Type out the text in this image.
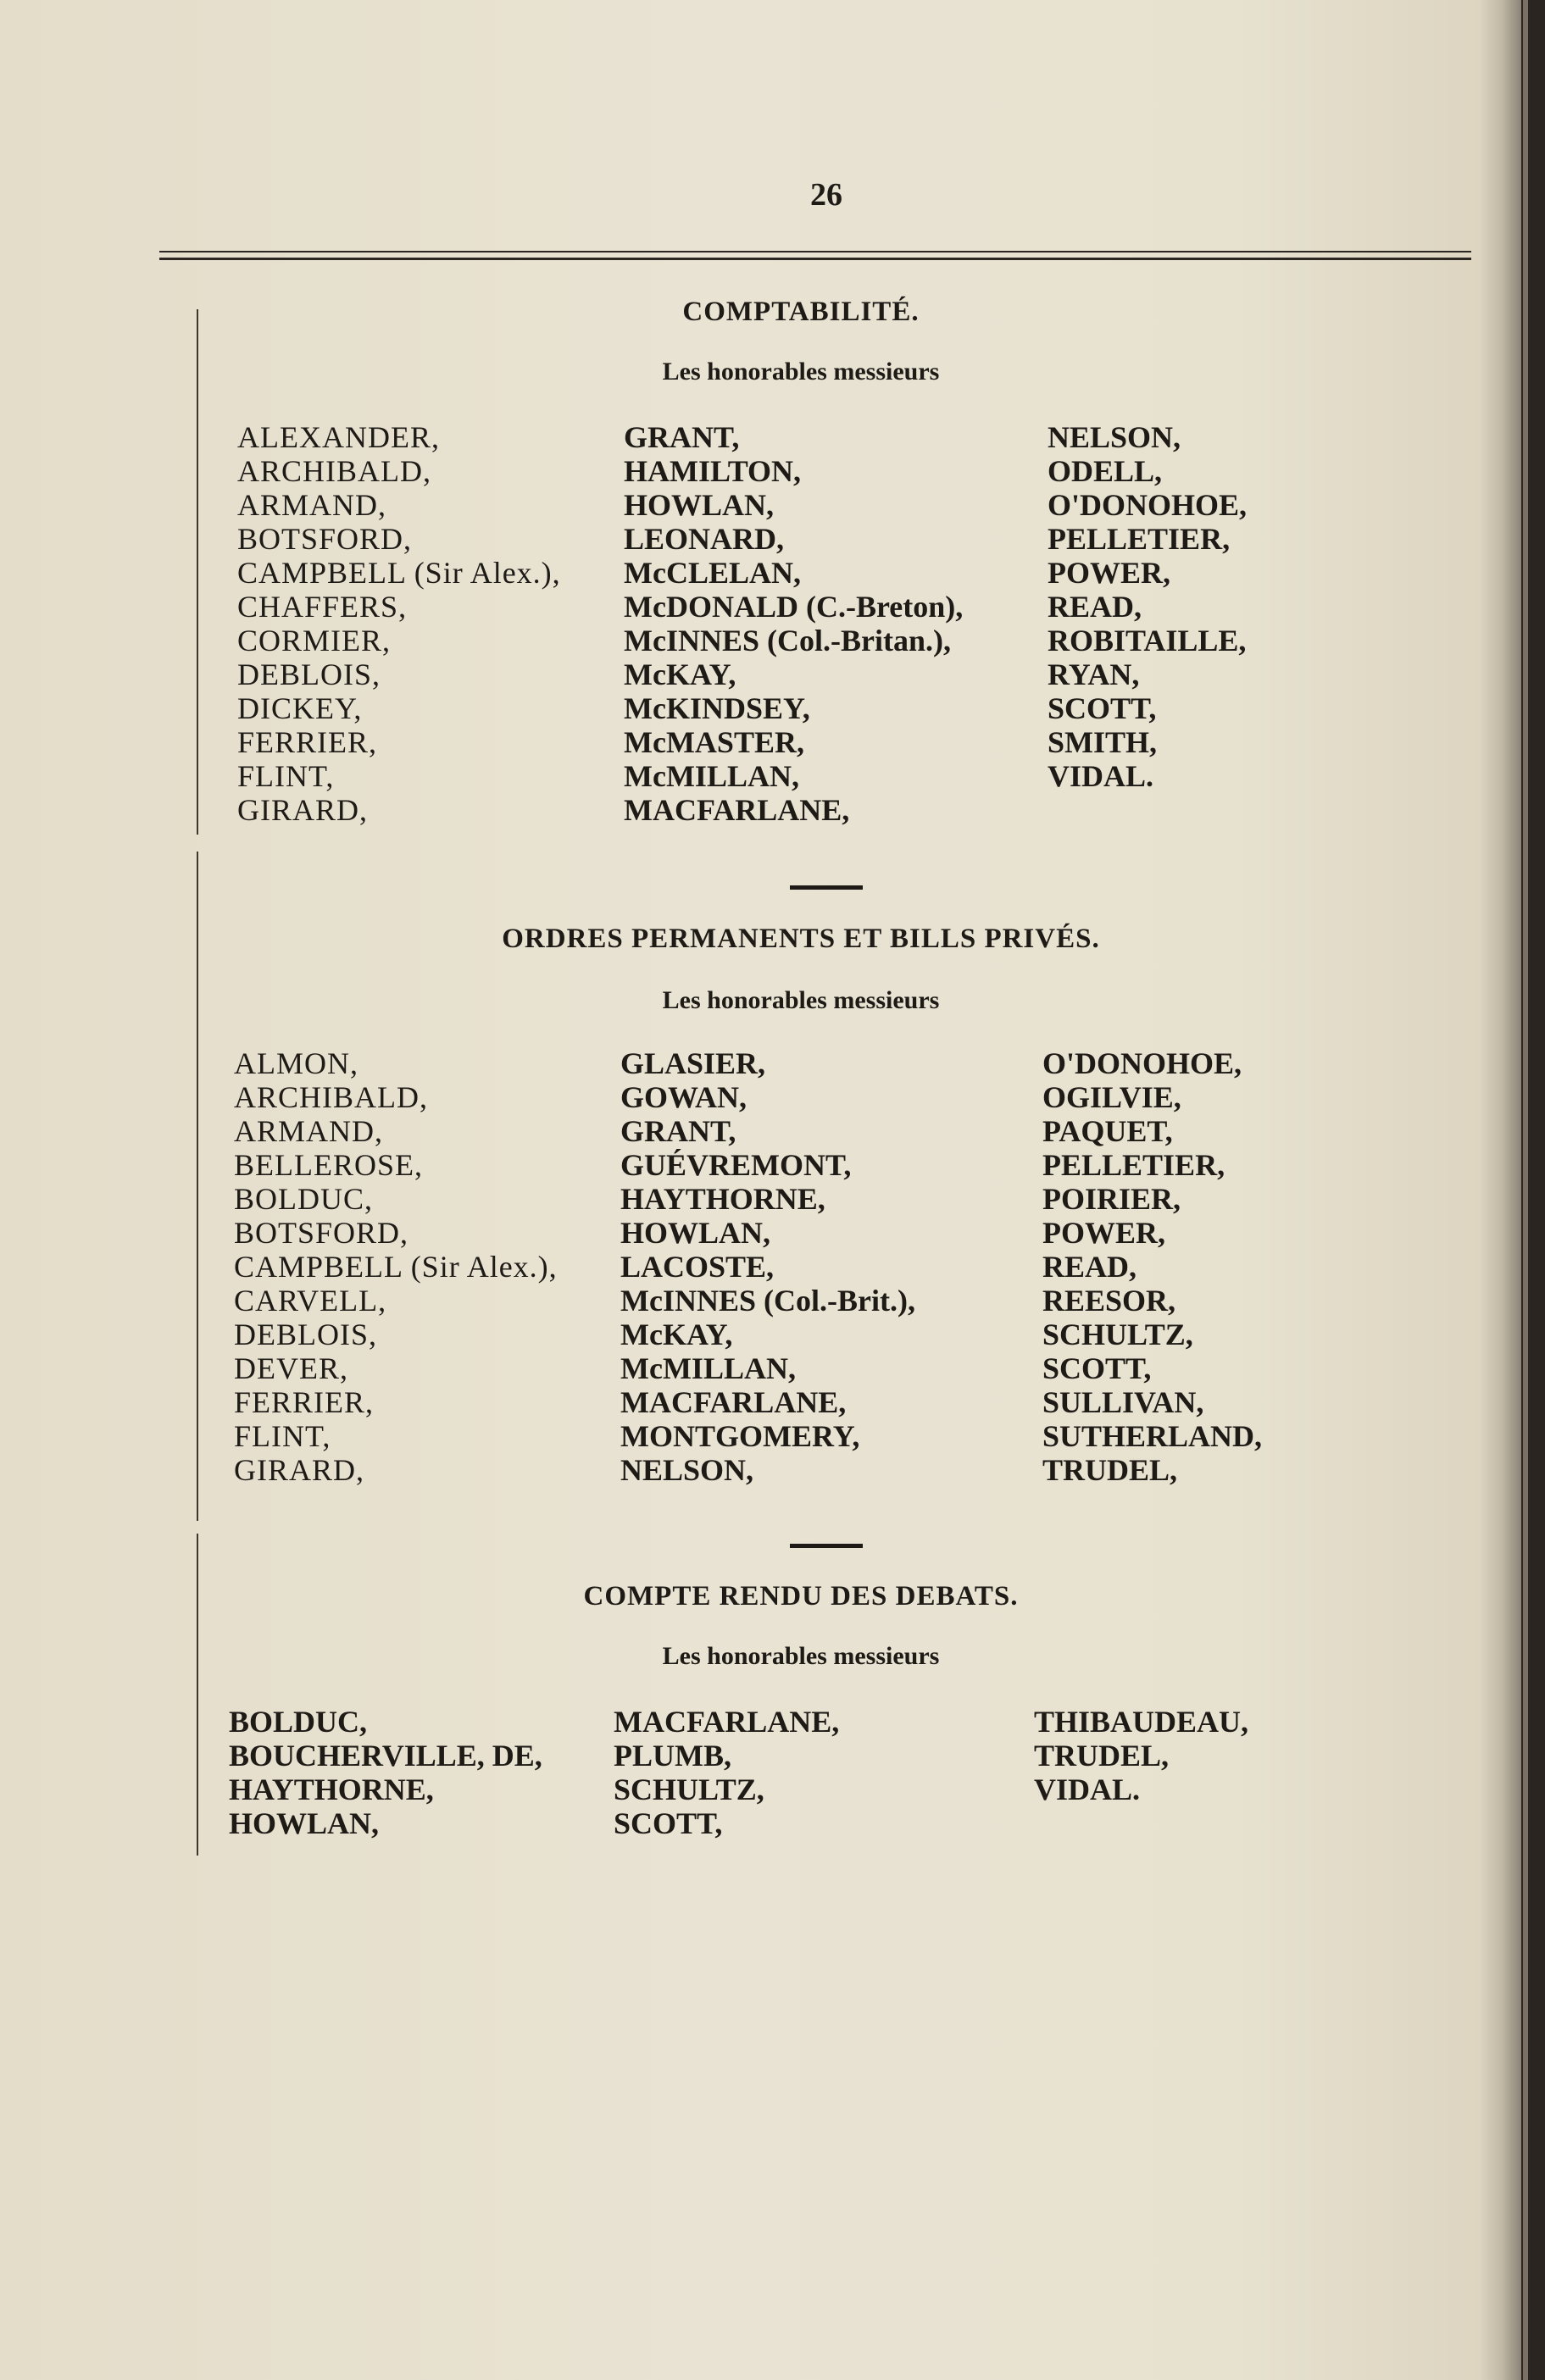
26
COMPTABILITÉ.
Les honorables messieurs
ALEXANDER,
ARCHIBALD,
ARMAND,
BOTSFORD,
CAMPBELL (Sir Alex.),
CHAFFERS,
CORMIER,
DEBLOIS,
DICKEY,
FERRIER,
FLINT,
GIRARD,
GRANT,
HAMILTON,
HOWLAN,
LEONARD,
McCLELAN,
McDONALD (C.-Breton),
McINNES (Col.-Britan.),
McKAY,
McKINDSEY,
McMASTER,
McMILLAN,
MACFARLANE,
NELSON,
ODELL,
O'DONOHOE,
PELLETIER,
POWER,
READ,
ROBITAILLE,
RYAN,
SCOTT,
SMITH,
VIDAL.
ORDRES PERMANENTS ET BILLS PRIVÉS.
Les honorables messieurs
ALMON,
ARCHIBALD,
ARMAND,
BELLEROSE,
BOLDUC,
BOTSFORD,
CAMPBELL (Sir Alex.),
CARVELL,
DEBLOIS,
DEVER,
FERRIER,
FLINT,
GIRARD,
GLASIER,
GOWAN,
GRANT,
GUÉVREMONT,
HAYTHORNE,
HOWLAN,
LACOSTE,
McINNES (Col.-Brit.),
McKAY,
McMILLAN,
MACFARLANE,
MONTGOMERY,
NELSON,
O'DONOHOE,
OGILVIE,
PAQUET,
PELLETIER,
POIRIER,
POWER,
READ,
REESOR,
SCHULTZ,
SCOTT,
SULLIVAN,
SUTHERLAND,
TRUDEL,
COMPTE RENDU DES DEBATS.
Les honorables messieurs
BOLDUC,
BOUCHERVILLE, DE,
HAYTHORNE,
HOWLAN,
MACFARLANE,
PLUMB,
SCHULTZ,
SCOTT,
THIBAUDEAU,
TRUDEL,
VIDAL.
